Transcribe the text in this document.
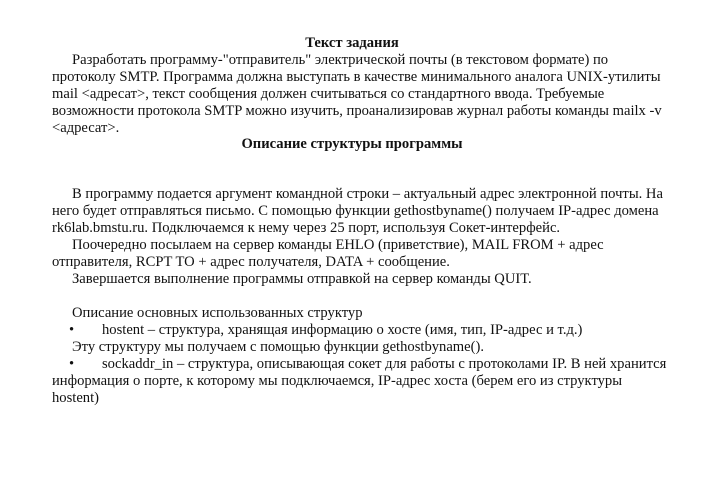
Текст задания
Разработать программу-"отправитель" электрической почты (в текстовом формате) по
протоколу SMTP. Программа должна выступать в качестве минимального аналога UNIX-утилиты
mail <адресат>, текст сообщения должен считываться со стандартного ввода. Требуемые
возможности протокола SMTP можно изучить, проанализировав журнал работы команды mailx -v
<адресат>.
Описание структуры программы
В программу подается аргумент командной строки – актуальный адрес электронной почты. На
него будет отправляться письмо. С помощью функции gethostbyname() получаем IP-адрес домена
rk6lab.bmstu.ru. Подключаемся к нему через 25 порт, используя Сокет-интерфейс.
Поочередно посылаем на сервер команды EHLO (приветствие), MAIL FROM + адрес
отправителя, RCPT TO + адрес получателя, DATA + сообщение.
Завершается выполнение программы отправкой на сервер команды QUIT.
Описание основных использованных структур
• hostent – структура, хранящая информацию о хосте (имя, тип, IP-адрес и т.д.)
Эту структуру мы получаем с помощью функции gethostbyname().
• sockaddr_in – структура, описывающая сокет для работы с протоколами IP. В ней хранится
информация о порте, к которому мы подключаемся, IP-адрес хоста (берем его из структуры
hostent)
